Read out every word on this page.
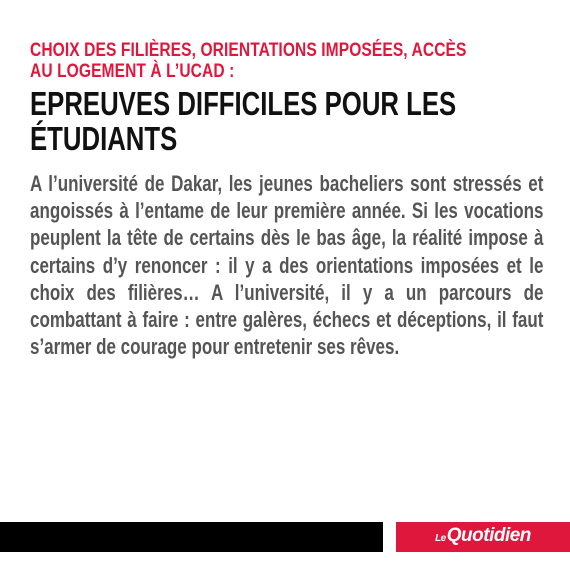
CHOIX DES FILIÈRES, ORIENTATIONS IMPOSÉES, ACCÈS
AU LOGEMENT À L’UCAD :

EPREUVES DIFFICILES POUR LES
ÉTUDIANTS

A l’université de Dakar, les jeunes bacheliers sont stressés et angoissés à l’entame de leur première année. Si les vocations peuplent la tête de certains dès le bas âge, la réalité impose à certains d’y renoncer : il y a des orientations imposées et le choix des filières… A l’université, il y a un parcours de combattant à faire : entre galères, échecs et déceptions, il faut s’armer de courage pour entretenir ses rêves.

Le Quotidien
